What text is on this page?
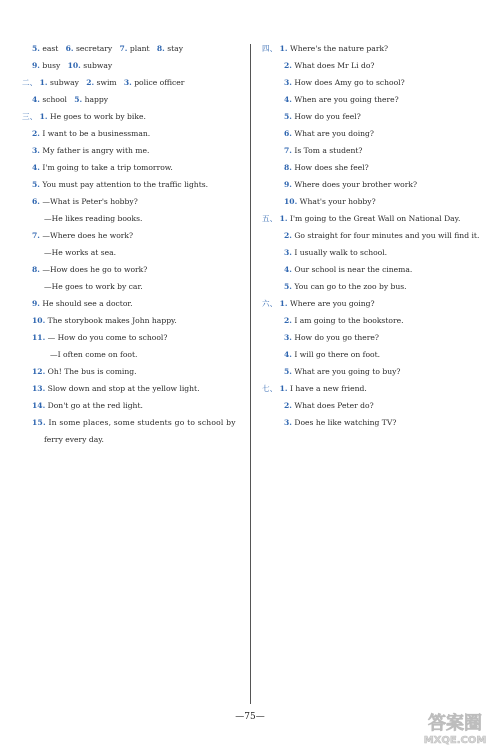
5. east 6. secretary 7. plant 8. stay
9. busy 10. subway
二、 1. subway 2. swim 3. police officer
4. school 5. happy
三、 1. He goes to work by bike.
2. I want to be a businessman.
3. My father is angry with me.
4. I'm going to take a trip tomorrow.
5. You must pay attention to the traffic lights.
6. —What is Peter's hobby?
—He likes reading books.
7. —Where does he work?
—He works at sea.
8. —How does he go to work?
—He goes to work by car.
9. He should see a doctor.
10. The storybook makes John happy.
11. — How do you come to school?
—I often come on foot.
12. Oh! The bus is coming.
13. Slow down and stop at the yellow light.
14. Don't go at the red light.
15. In some places, some students go to school by
ferry every day.
四、 1. Where's the nature park?
2. What does Mr Li do?
3. How does Amy go to school?
4. When are you going there?
5. How do you feel?
6. What are you doing?
7. Is Tom a student?
8. How does she feel?
9. Where does your brother work?
10. What's your hobby?
五、 1. I'm going to the Great Wall on National Day.
2. Go straight for four minutes and you will find it.
3. I usually walk to school.
4. Our school is near the cinema.
5. You can go to the zoo by bus.
六、 1. Where are you going?
2. I am going to the bookstore.
3. How do you go there?
4. I will go there on foot.
5. What are you going to buy?
七、 1. I have a new friend.
2. What does Peter do?
3. Does he like watching TV?
—75—	答案圈
MXQE.COM
